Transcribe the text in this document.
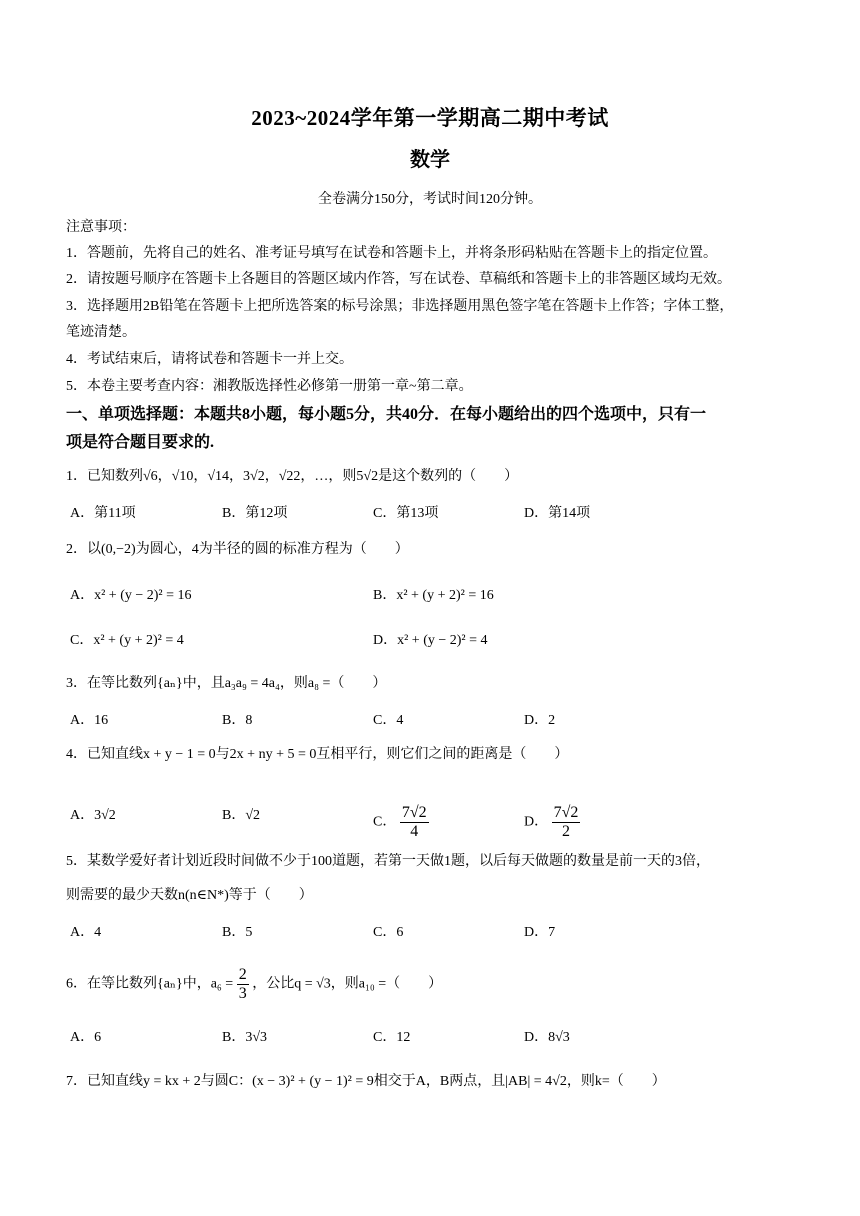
2023~2024学年第一学期高二期中考试
数学
全卷满分150分，考试时间120分钟。
注意事项：
1．答题前，先将自己的姓名、准考证号填写在试卷和答题卡上，并将条形码粘贴在答题卡上的指定位置。
2．请按题号顺序在答题卡上各题目的答题区域内作答，写在试卷、草稿纸和答题卡上的非答题区域均无效。
3．选择题用2B铅笔在答题卡上把所选答案的标号涂黑；非选择题用黑色签字笔在答题卡上作答；字体工整，
笔迹清楚。
4．考试结束后，请将试卷和答题卡一并上交。
5．本卷主要考查内容：湘教版选择性必修第一册第一章~第二章。
一、单项选择题：本题共8小题，每小题5分，共40分．在每小题给出的四个选项中，只有一
项是符合题目要求的.
1．已知数列√6，√10，√14，3√2，√22，…，则5√2是这个数列的（　　）
A．第11项	B．第12项	C．第13项	D．第14项
2．以(0,−2)为圆心，4为半径的圆的标准方程为（　　）
A．x² + (y − 2)² = 16	B．x² + (y + 2)² = 16
C．x² + (y + 2)² = 4	D．x² + (y − 2)² = 4
3．在等比数列{aₙ}中，且a₃a₉ = 4a₄，则a₈ =（　　）
A．16	B．8	C．4	D．2
4．已知直线x + y − 1 = 0与2x + ny + 5 = 0互相平行，则它们之间的距离是（　　）
A．3√2	B．√2	C． $\frac{7√2}{4}$	D． $\frac{7√2}{2}$
5．某数学爱好者计划近段时间做不少于100道题，若第一天做1题，以后每天做题的数量是前一天的3倍，
则需要的最少天数n(n∈N*)等于（　　）
A．4	B．5	C．6	D．7
6．在等比数列{aₙ}中，$a_6 = \frac{2}{3}$ ，公比q = √3，则a₁₀ =（　　）
A．6	B．3√3	C．12	D．8√3
7．已知直线y = kx + 2与圆C：(x − 3)² + (y − 1)² = 9相交于A，B两点，且|AB| = 4√2，则k=（　　）
